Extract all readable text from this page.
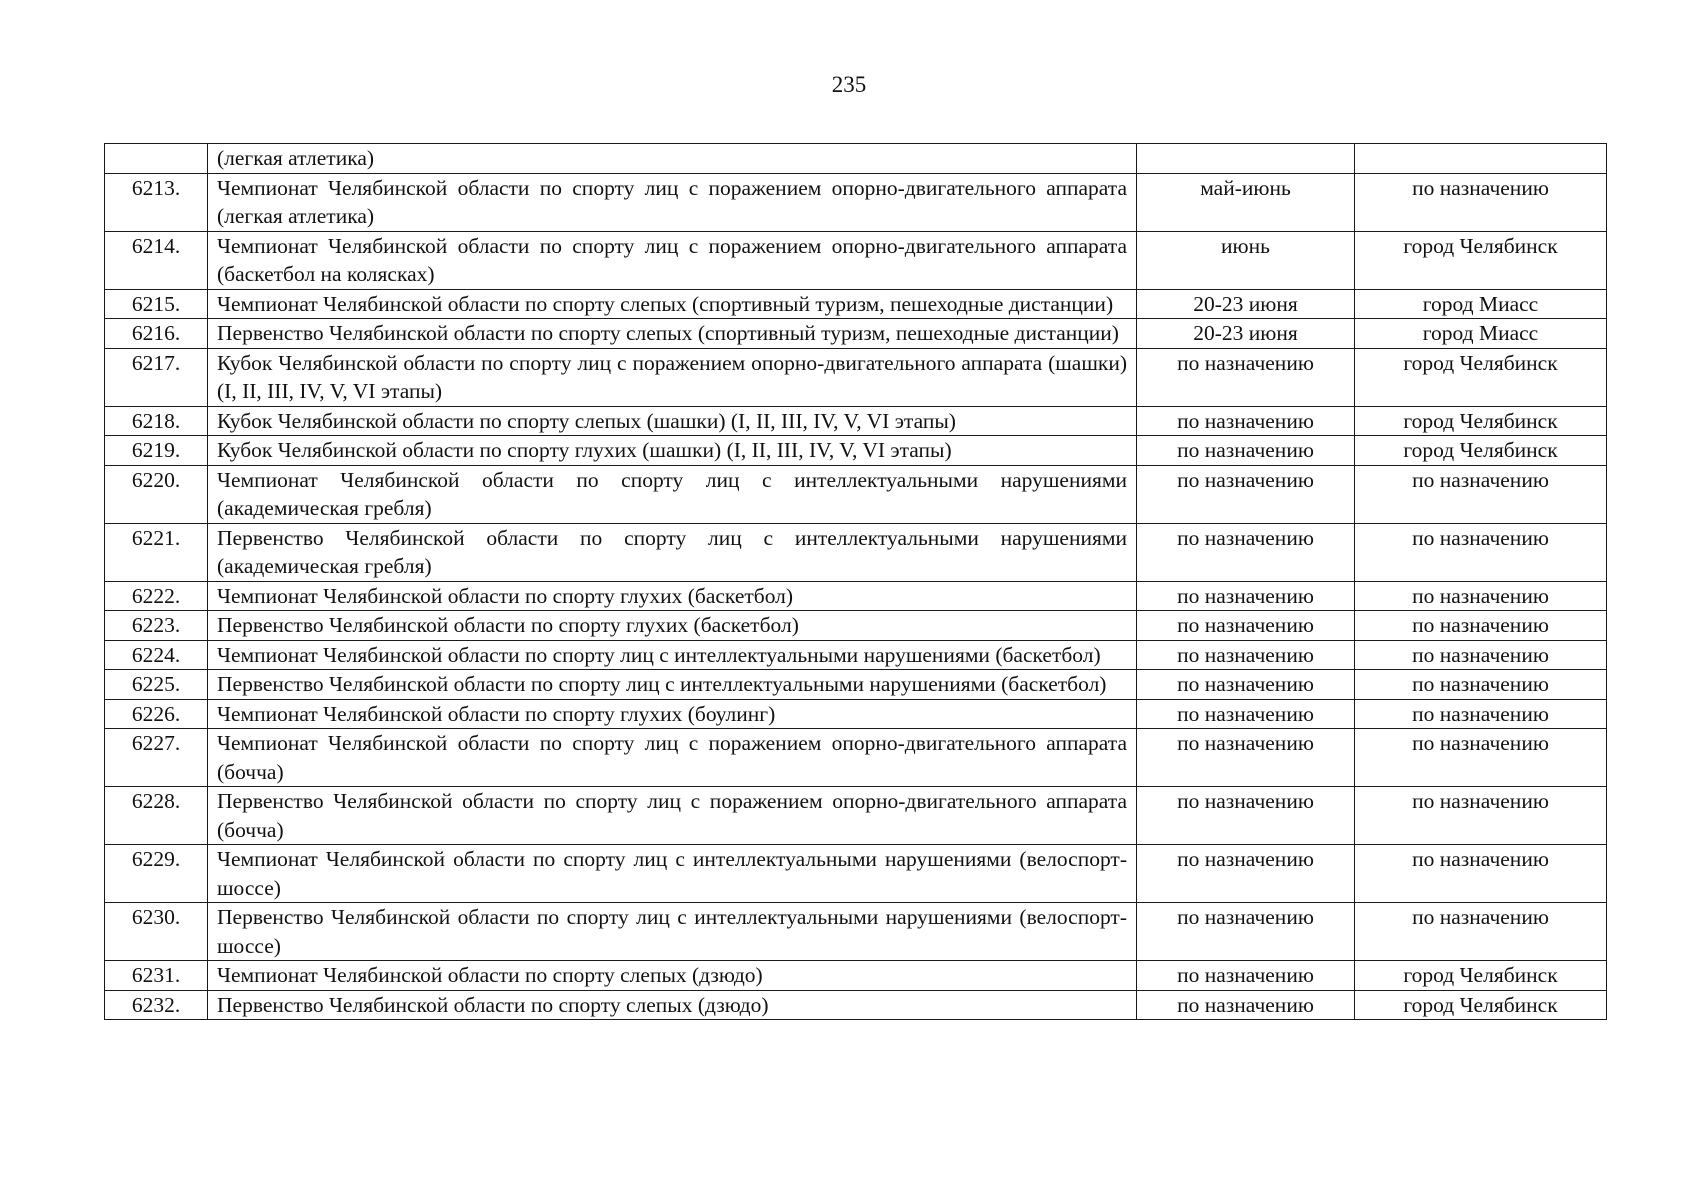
235
	(легкая атлетика)		
6213.	Чемпионат Челябинской области по спорту лиц с поражением опорно-двигательного аппарата (легкая атлетика)	май-июнь	по назначению
6214.	Чемпионат Челябинской области по спорту лиц с поражением опорно-двигательного аппарата (баскетбол на колясках)	июнь	город Челябинск
6215.	Чемпионат Челябинской области по спорту слепых (спортивный туризм, пешеходные дистанции)	20-23 июня	город Миасс
6216.	Первенство Челябинской области по спорту слепых (спортивный туризм, пешеходные дистанции)	20-23 июня	город Миасс
6217.	Кубок Челябинской области по спорту лиц с поражением опорно-двигательного аппарата (шашки) (I, II, III, IV, V, VI этапы)	по назначению	город Челябинск
6218.	Кубок Челябинской области по спорту слепых (шашки) (I, II, III, IV, V, VI этапы)	по назначению	город Челябинск
6219.	Кубок Челябинской области по спорту глухих (шашки) (I, II, III, IV, V, VI этапы)	по назначению	город Челябинск
6220.	Чемпионат Челябинской области по спорту лиц с интеллектуальными нарушениями (академическая гребля)	по назначению	по назначению
6221.	Первенство Челябинской области по спорту лиц с интеллектуальными нарушениями (академическая гребля)	по назначению	по назначению
6222.	Чемпионат Челябинской области по спорту глухих (баскетбол)	по назначению	по назначению
6223.	Первенство Челябинской области по спорту глухих (баскетбол)	по назначению	по назначению
6224.	Чемпионат Челябинской области по спорту лиц с интеллектуальными нарушениями (баскетбол)	по назначению	по назначению
6225.	Первенство Челябинской области по спорту лиц с интеллектуальными нарушениями (баскетбол)	по назначению	по назначению
6226.	Чемпионат Челябинской области по спорту глухих (боулинг)	по назначению	по назначению
6227.	Чемпионат Челябинской области по спорту лиц с поражением опорно-двигательного аппарата (бочча)	по назначению	по назначению
6228.	Первенство Челябинской области по спорту лиц с поражением опорно-двигательного аппарата (бочча)	по назначению	по назначению
6229.	Чемпионат Челябинской области по спорту лиц с интеллектуальными нарушениями (велоспорт-шоссе)	по назначению	по назначению
6230.	Первенство Челябинской области по спорту лиц с интеллектуальными нарушениями (велоспорт-шоссе)	по назначению	по назначению
6231.	Чемпионат Челябинской области по спорту слепых (дзюдо)	по назначению	город Челябинск
6232.	Первенство Челябинской области по спорту слепых (дзюдо)	по назначению	город Челябинск
